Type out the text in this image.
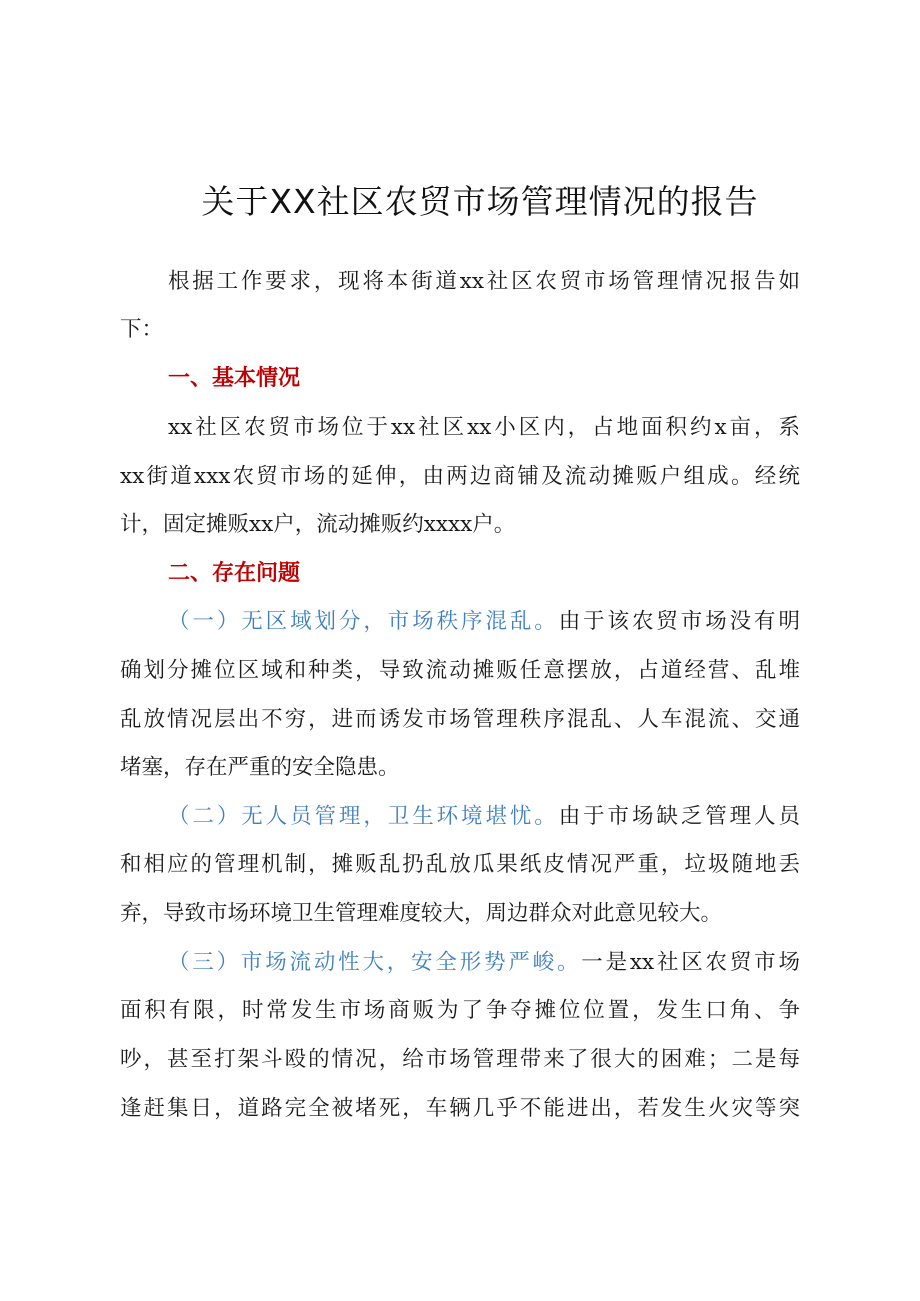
关于XX社区农贸市场管理情况的报告

根据工作要求，现将本街道xx社区农贸市场管理情况报告如

下：

一、基本情况

xx社区农贸市场位于xx社区xx小区内，占地面积约x亩，系

xx街道xxx农贸市场的延伸，由两边商铺及流动摊贩户组成。经统

计，固定摊贩xx户，流动摊贩约xxxx户。

二、存在问题

（一）无区域划分，市场秩序混乱。由于该农贸市场没有明

确划分摊位区域和种类，导致流动摊贩任意摆放，占道经营、乱堆

乱放情况层出不穷，进而诱发市场管理秩序混乱、人车混流、交通

堵塞，存在严重的安全隐患。

（二）无人员管理，卫生环境堪忧。由于市场缺乏管理人员

和相应的管理机制，摊贩乱扔乱放瓜果纸皮情况严重，垃圾随地丢

弃，导致市场环境卫生管理难度较大，周边群众对此意见较大。

（三）市场流动性大，安全形势严峻。一是xx社区农贸市场

面积有限，时常发生市场商贩为了争夺摊位位置，发生口角、争

吵，甚至打架斗殴的情况，给市场管理带来了很大的困难；二是每

逢赶集日，道路完全被堵死，车辆几乎不能进出，若发生火灾等突
